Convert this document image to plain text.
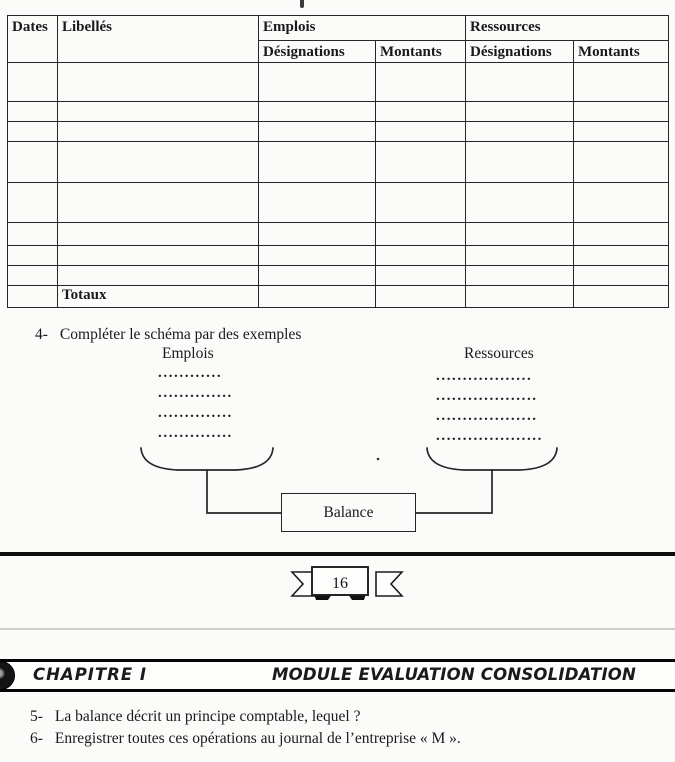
Dates	Libellés	Emplois		Ressources	
		Désignations	Montants	Désignations	Montants

	Totaux				
4- Compléter le schéma par des exemples
Emplois	Ressources
............
..............
..............
..............
..................
...................
...................
....................
Balance
16
CHAPITRE I	MODULE EVALUATION CONSOLIDATION
5- La balance décrit un principe comptable, lequel ?
6- Enregistrer toutes ces opérations au journal de l’entreprise « M ».
